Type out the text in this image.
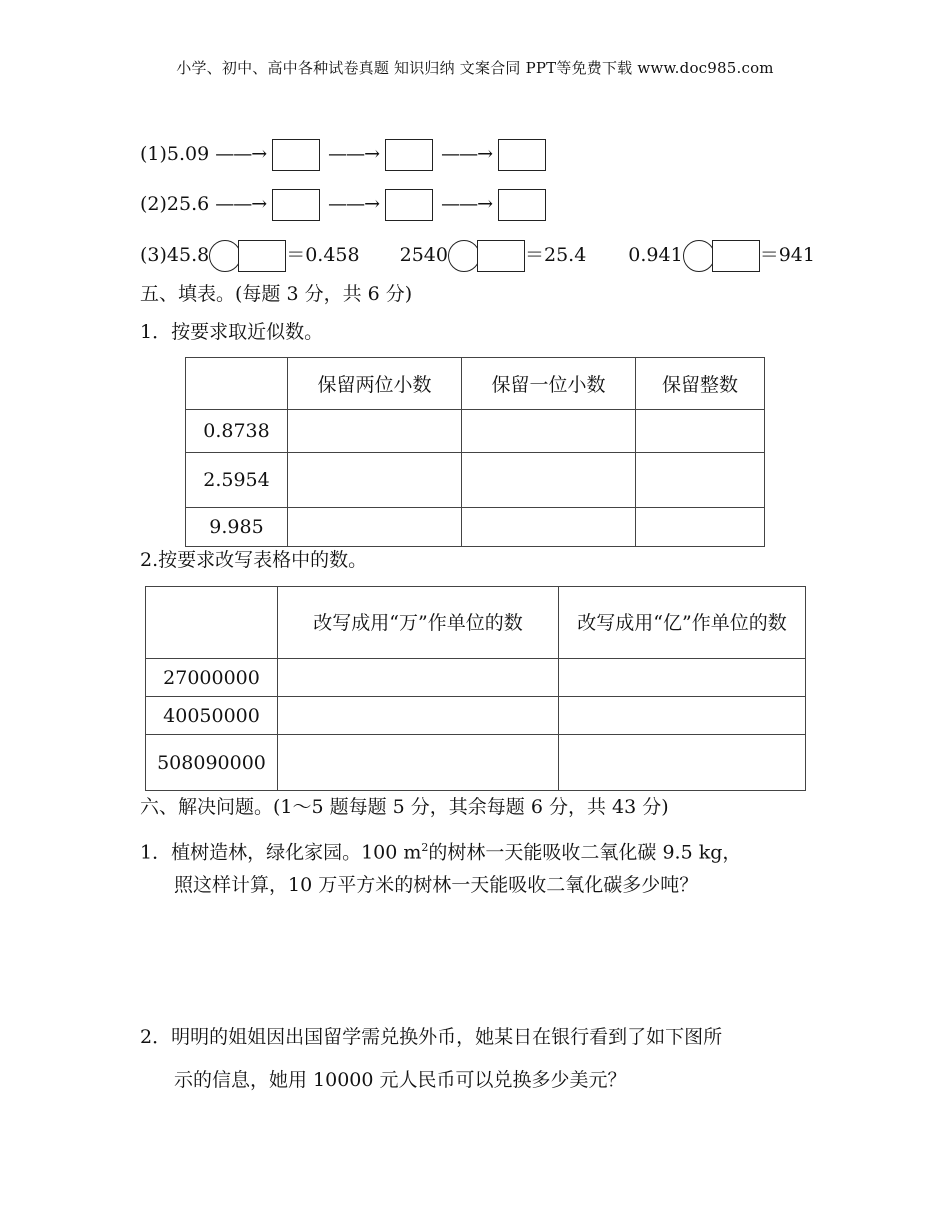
小学、初中、高中各种试卷真题 知识归纳 文案合同 PPT等免费下载 www.doc985.com
(1)5.09 ——→	——→	——→
(2)25.6 ——→	——→	——→
(3)45.8	＝0.458 2540	＝25.4 0.941	＝941
五、填表。(每题 3 分，共 6 分)
1．按要求取近似数。
	保留两位小数	保留一位小数	保留整数
0.8738			
2.5954			
9.985			
2.按要求改写表格中的数。
	改写成用“万”作单位的数	改写成用“亿”作单位的数
27000000		
40050000		
508090000		
六、解决问题。(1～5 题每题 5 分，其余每题 6 分，共 43 分)
1．植树造林，绿化家园。100 $m^2$的树林一天能吸收二氧化碳 9.5 kg，
照这样计算，10 万平方米的树林一天能吸收二氧化碳多少吨？
2．明明的姐姐因出国留学需兑换外币，她某日在银行看到了如下图所
示的信息，她用 10000 元人民币可以兑换多少美元？
